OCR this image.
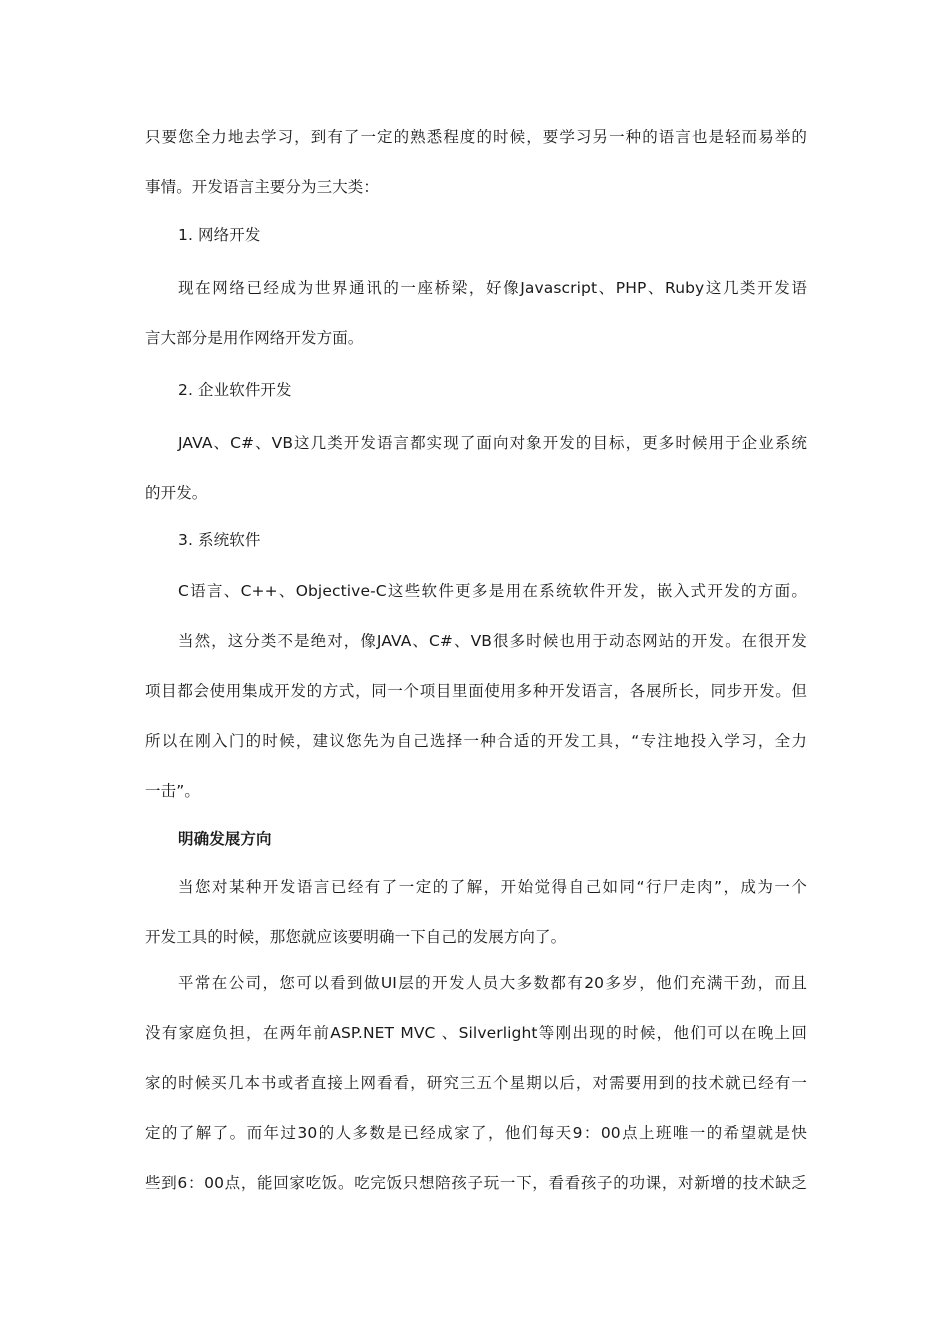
只要您全力地去学习，到有了一定的熟悉程度的时候，要学习另一种的语言也是轻而易举的
事情。开发语言主要分为三大类：
1. 网络开发
现在网络已经成为世界通讯的一座桥梁，好像Javascript、PHP、Ruby这几类开发语
言大部分是用作网络开发方面。
2. 企业软件开发
JAVA、C#、VB这几类开发语言都实现了面向对象开发的目标，更多时候用于企业系统
的开发。
3. 系统软件
C语言、C++、Objective-C这些软件更多是用在系统软件开发，嵌入式开发的方面。
当然，这分类不是绝对，像JAVA、C#、VB很多时候也用于动态网站的开发。在很开发
项目都会使用集成开发的方式，同一个项目里面使用多种开发语言，各展所长，同步开发。但
所以在刚入门的时候，建议您先为自己选择一种合适的开发工具，“专注地投入学习，全力
一击”。
明确发展方向
当您对某种开发语言已经有了一定的了解，开始觉得自己如同“行尸走肉”，成为一个
开发工具的时候，那您就应该要明确一下自己的发展方向了。
平常在公司，您可以看到做UI层的开发人员大多数都有20多岁，他们充满干劲，而且
没有家庭负担，在两年前ASP.NET MVC 、Silverlight等刚出现的时候，他们可以在晚上回
家的时候买几本书或者直接上网看看，研究三五个星期以后，对需要用到的技术就已经有一
定的了解了。而年过30的人多数是已经成家了，他们每天9：00点上班唯一的希望就是快
些到6：00点，能回家吃饭。吃完饭只想陪孩子玩一下，看看孩子的功课，对新增的技术缺乏
